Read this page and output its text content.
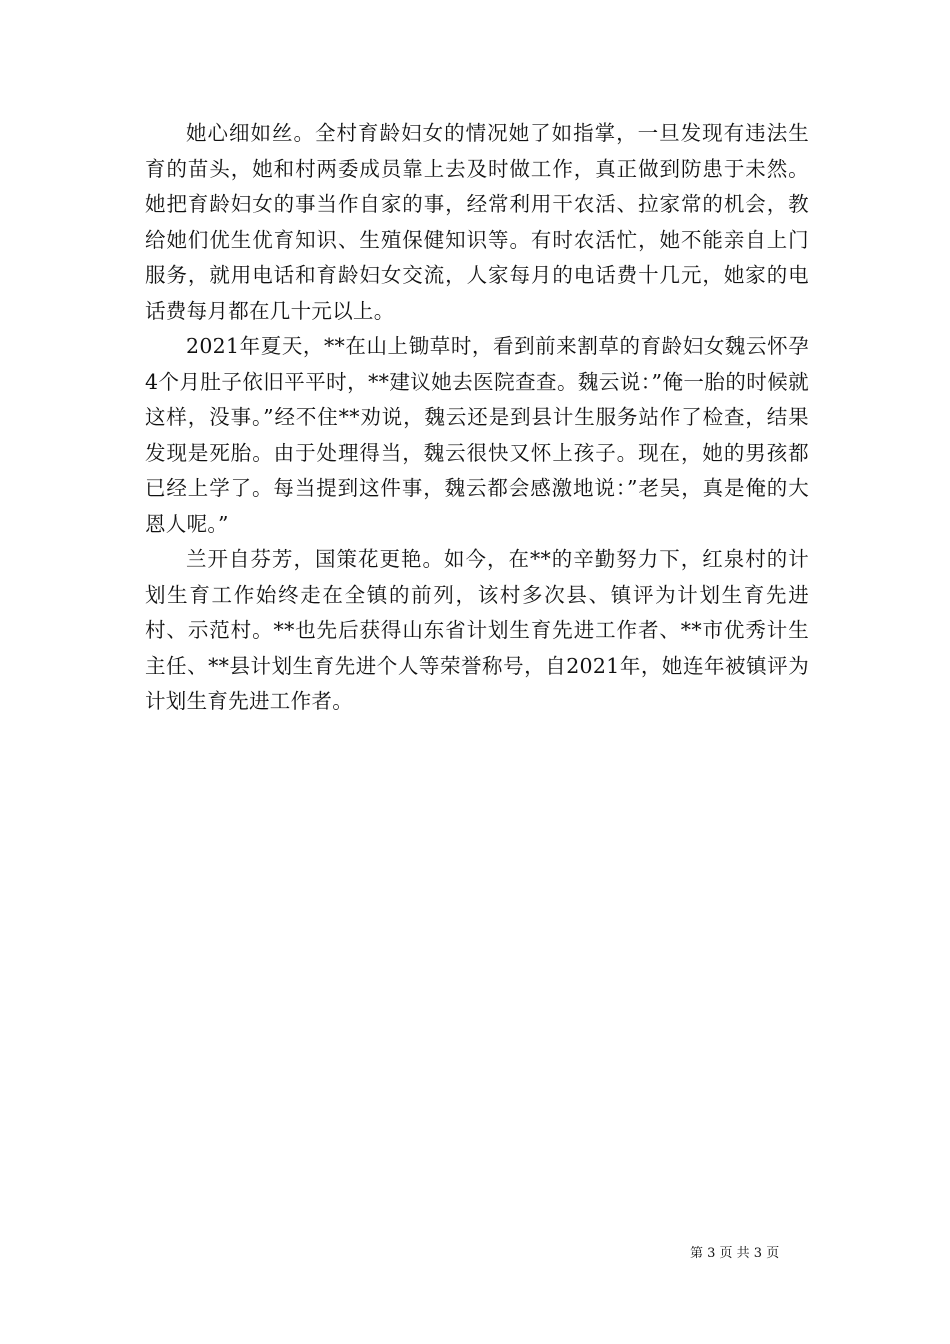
她心细如丝。全村育龄妇女的情况她了如指掌，一旦发现有违法生育的苗头，她和村两委成员靠上去及时做工作，真正做到防患于未然。她把育龄妇女的事当作自家的事，经常利用干农活、拉家常的机会，教给她们优生优育知识、生殖保健知识等。有时农活忙，她不能亲自上门服务，就用电话和育龄妇女交流，人家每月的电话费十几元，她家的电话费每月都在几十元以上。

2021年夏天，**在山上锄草时，看到前来割草的育龄妇女魏云怀孕4个月肚子依旧平平时，**建议她去医院查查。魏云说：”俺一胎的时候就这样，没事。”经不住**劝说，魏云还是到县计生服务站作了检查，结果发现是死胎。由于处理得当，魏云很快又怀上孩子。现在，她的男孩都已经上学了。每当提到这件事，魏云都会感激地说：”老吴，真是俺的大恩人呢。”

兰开自芬芳，国策花更艳。如今，在**的辛勤努力下，红泉村的计划生育工作始终走在全镇的前列，该村多次县、镇评为计划生育先进村、示范村。**也先后获得山东省计划生育先进工作者、**市优秀计生主任、**县计划生育先进个人等荣誉称号，自2021年，她连年被镇评为计划生育先进工作者。

第 3 页 共 3 页
